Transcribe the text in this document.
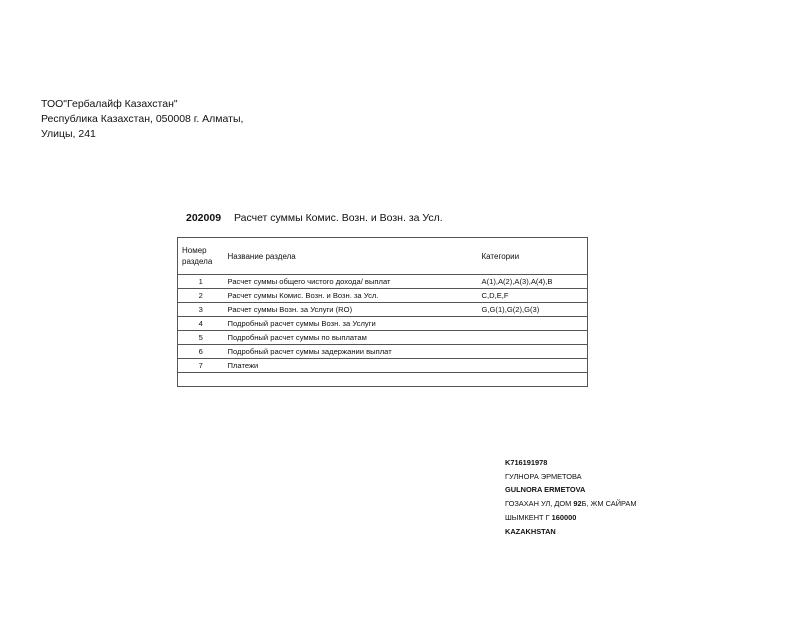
ТОО"Гербалайф Казахстан"
Республика Казахстан, 050008 г. Алматы,
Улицы, 241
202009 Расчет суммы Комис. Возн. и Возн. за Усл.
Номер раздела	Название раздела	Категории
1	Расчет суммы общего чистого дохода/ выплат	A(1),A(2),A(3),A(4),B
2	Расчет суммы Комис. Возн. и Возн. за Усл.	C,D,E,F
3	Расчет суммы Возн. за Услуги (RO)	G,G(1),G(2),G(3)
4	Подробный расчет суммы Возн. за Услуги	
5	Подробный расчет суммы по выплатам	
6	Подробный расчет суммы задержании выплат	
7	Платежи	

K716191978
ГУЛНОРА ЭРМЕТОВА
GULNORA ERMETOVA
ГОЗАХАН УЛ, ДОМ 92Б, ЖМ САЙРАМ
ШЫМКЕНТ Г 160000
KAZAKHSTAN
